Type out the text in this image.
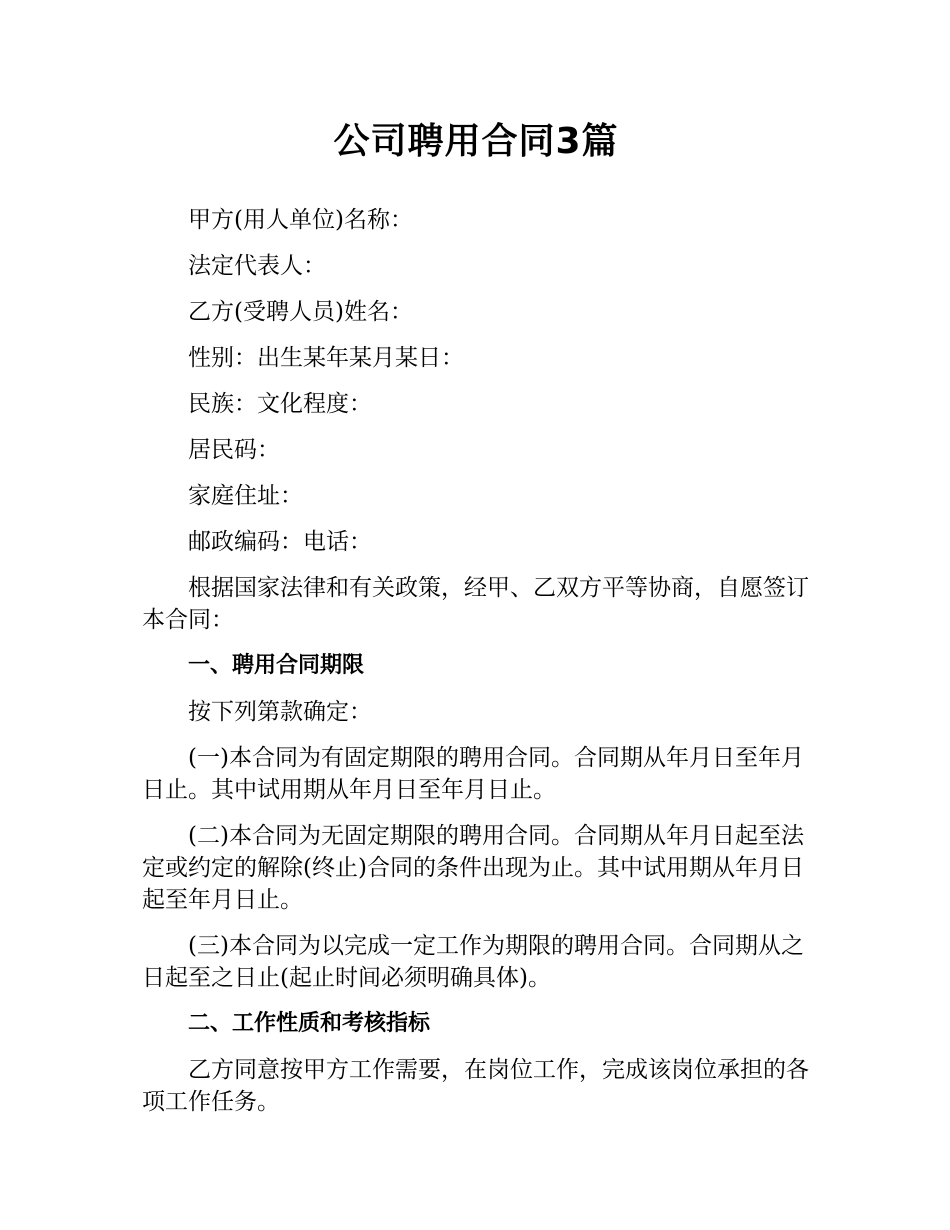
公司聘用合同3篇

甲方(用人单位)名称：

法定代表人：

乙方(受聘人员)姓名：

性别：出生某年某月某日：

民族：文化程度：

居民码：

家庭住址：

邮政编码：电话：

根据国家法律和有关政策，经甲、乙双方平等协商，自愿签订本合同：

一、聘用合同期限

按下列第款确定：

(一)本合同为有固定期限的聘用合同。合同期从年月日至年月日止。其中试用期从年月日至年月日止。

(二)本合同为无固定期限的聘用合同。合同期从年月日起至法定或约定的解除(终止)合同的条件出现为止。其中试用期从年月日起至年月日止。

(三)本合同为以完成一定工作为期限的聘用合同。合同期从之日起至之日止(起止时间必须明确具体)。

二、工作性质和考核指标

乙方同意按甲方工作需要，在岗位工作，完成该岗位承担的各项工作任务。
